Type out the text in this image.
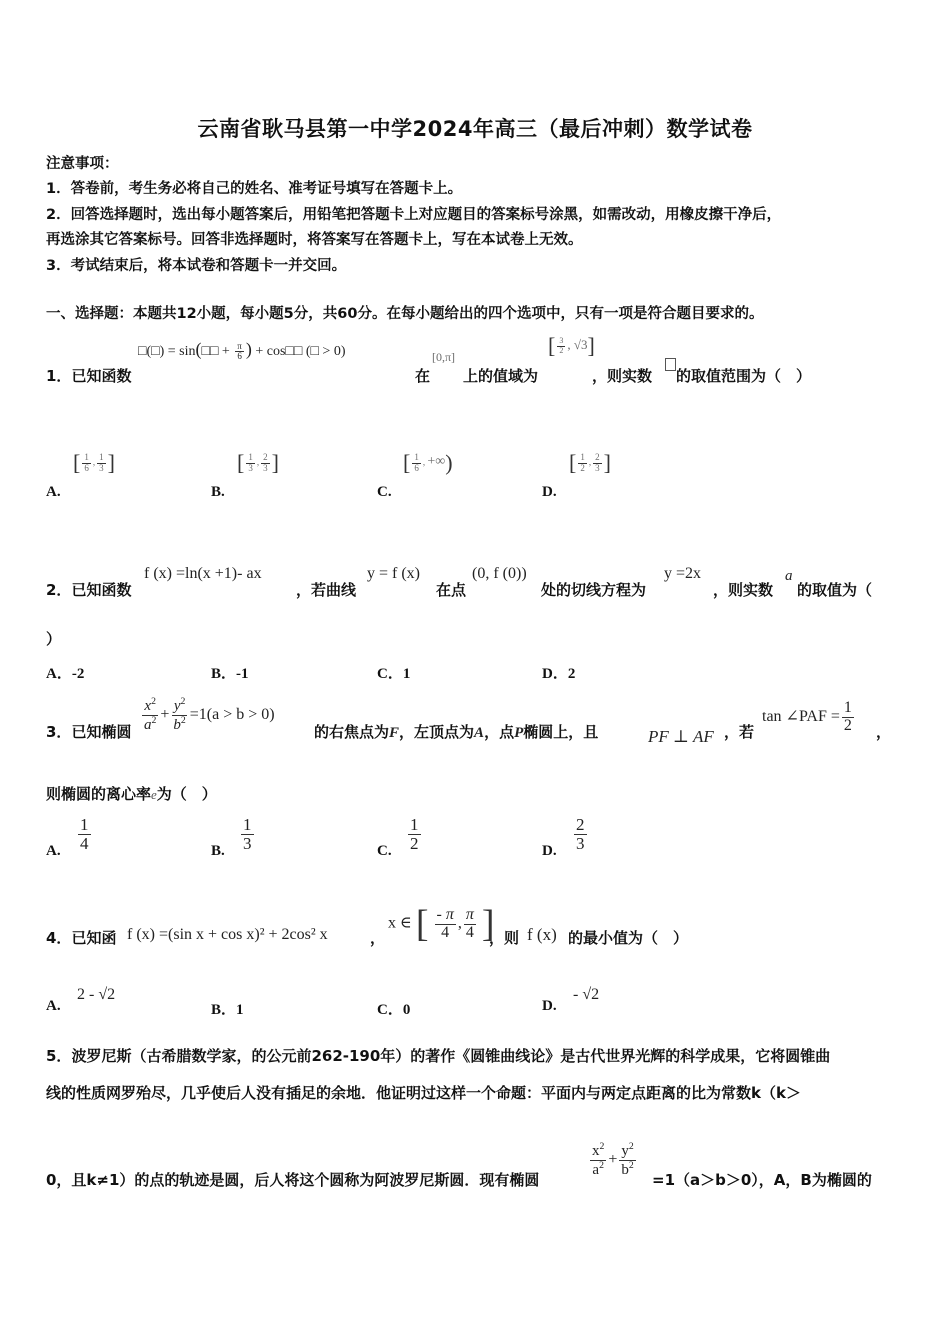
云南省耿马县第一中学2024年高三（最后冲刺）数学试卷
注意事项：
1．答卷前，考生务必将自己的姓名、准考证号填写在答题卡上。
2．回答选择题时，选出每小题答案后，用铅笔把答题卡上对应题目的答案标号涂黑，如需改动，用橡皮擦干净后，
再选涂其它答案标号。回答非选择题时，将答案写在答题卡上，写在本试卷上无效。
3．考试结束后，将本试卷和答题卡一并交回。
一、选择题：本题共12小题，每小题5分，共60分。在每小题给出的四个选项中，只有一项是符合题目要求的。
1．已知函数
□(□) = sin(□□ + $\frac{\pi}{6}$ ) + cos□□ (□ > 0)
在
[0,π]
上的值域为
[ $\frac{3}{2}$ , √3]
，则实数 的取值范围为（　）
A.
[ $\frac{1}{6}$ , $\frac{1}{3}$ ]
B.
[ $\frac{1}{3}$ , $\frac{2}{3}$ ]
C.
[ $\frac{1}{6}$ , +∞)
D.
[ $\frac{1}{2}$ , $\frac{2}{3}$ ]
2．已知函数
f (x) =ln(x +1)- ax
，若曲线
y = f (x)
在点
(0, f (0))
处的切线方程为
y =2x
，则实数
a
的取值为（
）
A．-2	B．-1	C．1	D．2
3．已知椭圆 $\frac{x^2}{a^2} + \frac{y^2}{b^2} =1(a > b > 0)$
的右焦点为F，左顶点为A，点P椭圆上，且	PF ⊥ AF ，若
tan ∠PAF = $\frac{1}{2}$ ，
则椭圆的离心率e为（　）
A. $\frac{1}{4}$	B. $\frac{1}{3}$	C. $\frac{1}{2}$	D. $\frac{2}{3}$
4．已知函 f (x) =(sin x + cos x)² + 2cos² x	，
x ∈ [ $\frac{- \pi}{4}$ , $\frac{\pi}{4}$ ]
，则 f (x) 的最小值为（　）
A.
2 - √2
B．1	C．0	D.
- √2
5．波罗尼斯（古希腊数学家，的公元前262-190年）的著作《圆锥曲线论》是古代世界光辉的科学成果，它将圆锥曲
线的性质网罗殆尽，几乎使后人没有插足的余地．他证明过这样一个命题：平面内与两定点距离的比为常数k（k＞
0，且k≠1）的点的轨迹是圆，后人将这个圆称为阿波罗尼斯圆．现有椭圆
$\frac{x^2}{a^2} + \frac{y^2}{b^2}$
=1（a＞b＞0），A，B为椭圆的
